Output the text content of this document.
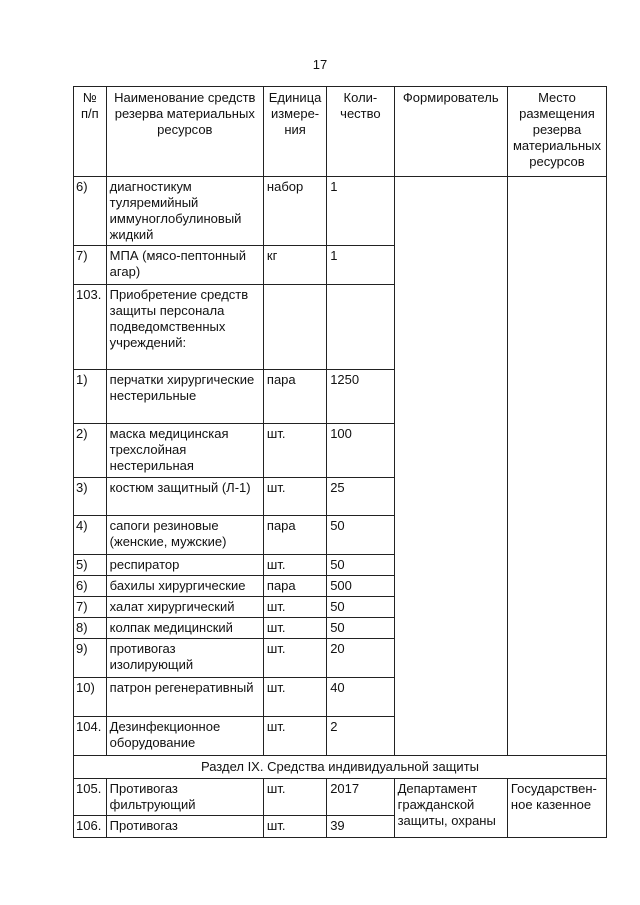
17
№ п/п	Наименование средств резерва материальных ресурсов	Единица измере-ния	Коли-чество	Формирователь	Место размещения резерва материальных ресурсов
6)	диагностикум туляремийный иммуноглобулиновый жидкий	набор	1		
7)	МПА (мясо-пептонный агар)	кг	1		
103.	Приобретение средств защиты персонала подведомственных учреждений:				
1)	перчатки хирургические нестерильные	пара	1250		
2)	маска медицинская трехслойная нестерильная	шт.	100		
3)	костюм защитный (Л-1)	шт.	25		
4)	сапоги резиновые (женские, мужские)	пара	50		
5)	респиратор	шт.	50		
6)	бахилы хирургические	пара	500		
7)	халат хирургический	шт.	50		
8)	колпак медицинский	шт.	50		
9)	противогаз изолирующий	шт.	20		
10)	патрон регенеративный	шт.	40		
104.	Дезинфекционное оборудование	шт.	2		
Раздел IX. Средства индивидуальной защиты					
105.	Противогаз фильтрующий	шт.	2017	Департамент гражданской защиты, охраны	Государствен-ное казенное
106.	Противогаз	шт.	39		
